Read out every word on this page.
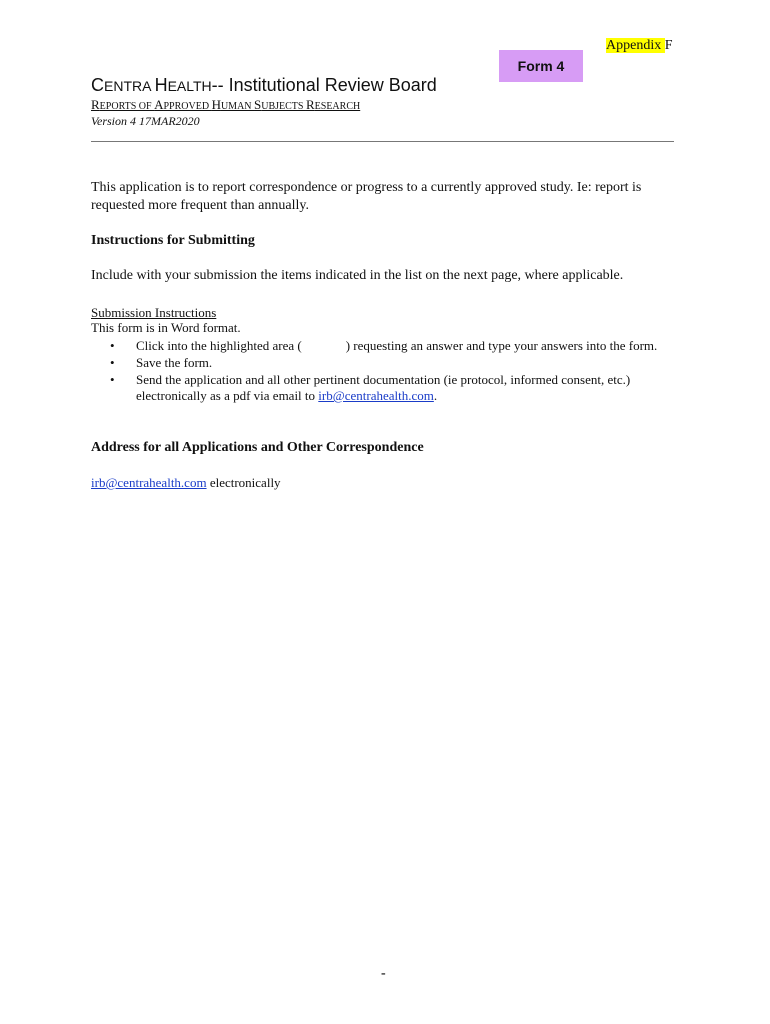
Appendix F
Form 4
CENTRA HEALTH-- Institutional Review Board
REPORTS OF APPROVED HUMAN SUBJECTS RESEARCH
Version 4 17MAR2020
This application is to report correspondence or progress to a currently approved study. Ie: report is requested more frequent than annually.
Instructions for Submitting
Include with your submission the items indicated in the list on the next page, where applicable.
Submission Instructions
This form is in Word format.
• Click into the highlighted area (	) requesting an answer and type your answers into the form.
• Save the form.
• Send the application and all other pertinent documentation (ie protocol, informed consent, etc.) electronically as a pdf via email to irb@centrahealth.com.
Address for all Applications and Other Correspondence
irb@centrahealth.com electronically
-
